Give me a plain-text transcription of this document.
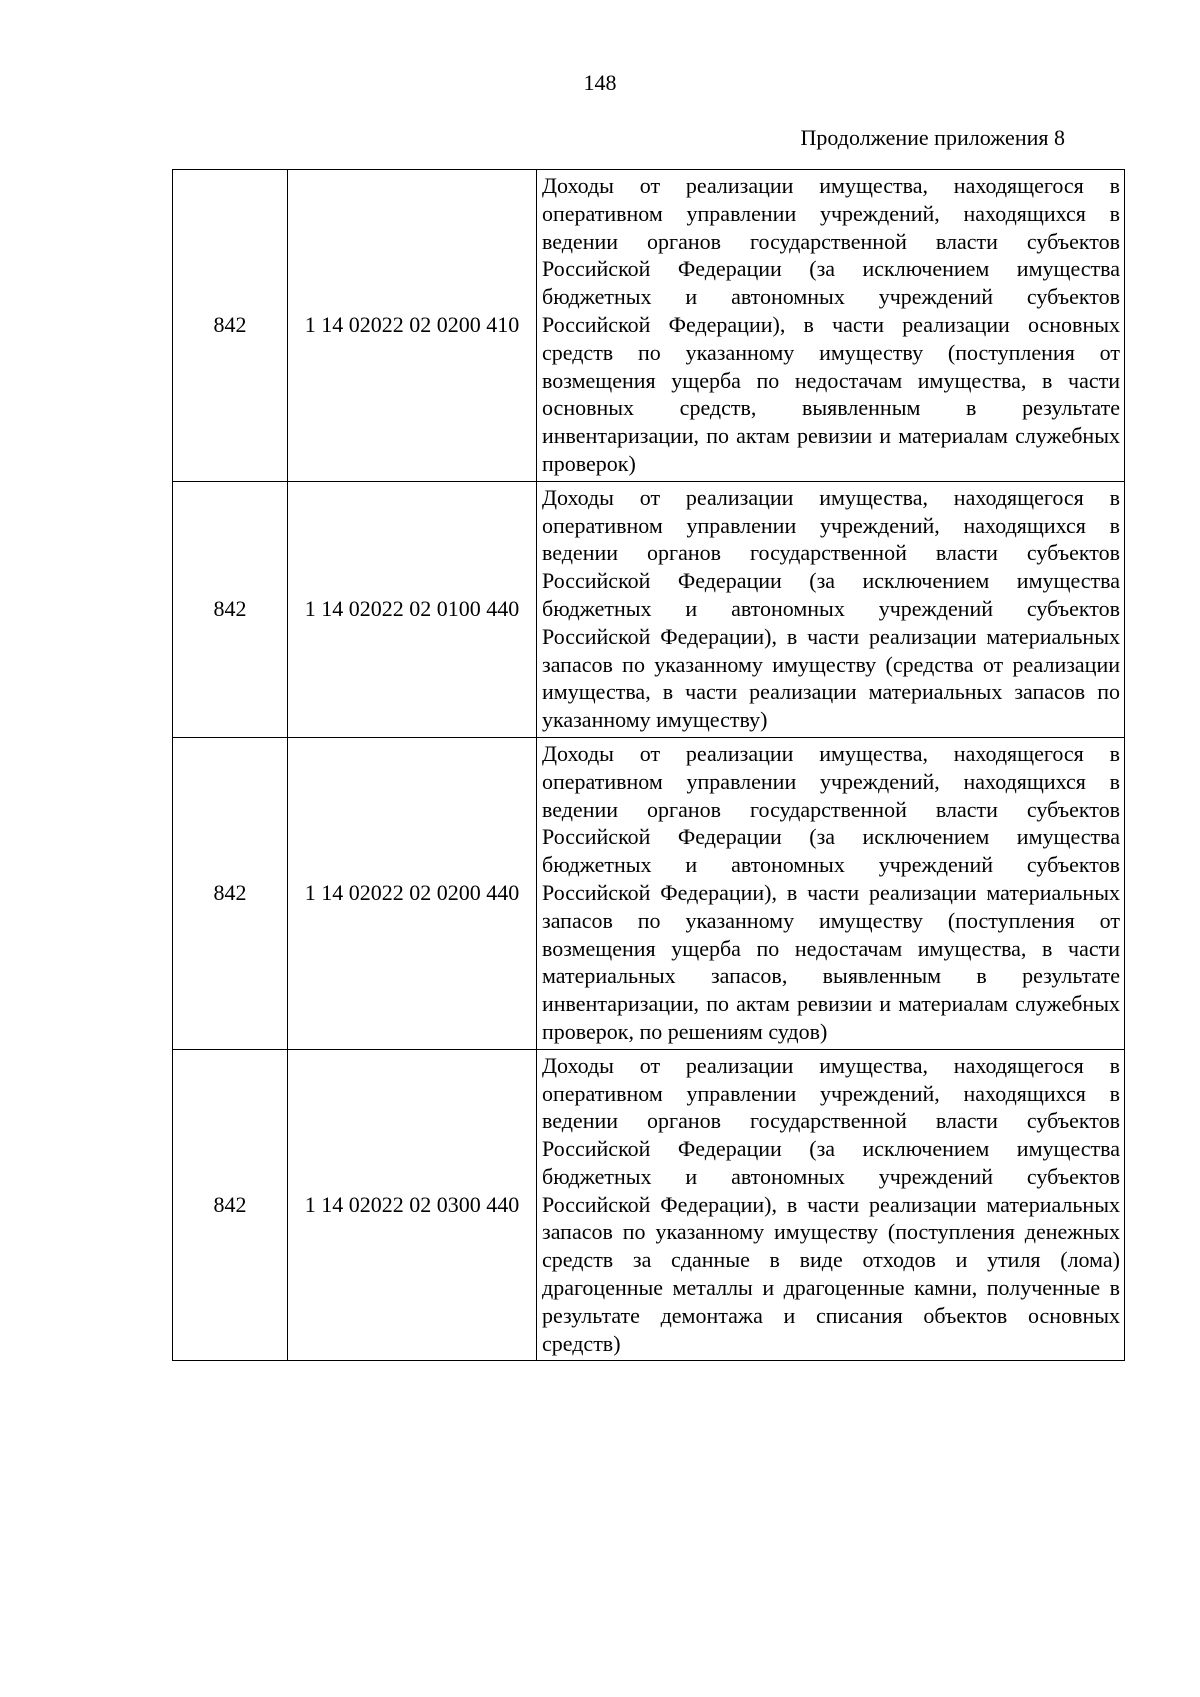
148
Продолжение приложения 8
842	1 14 02022 02 0200 410	Доходы от реализации имущества, находящегося в оперативном управлении учреждений, находящихся в ведении органов государственной власти субъектов Российской Федерации (за исключением имущества бюджетных и автономных учреждений субъектов Российской Федерации), в части реализации основных средств по указанному имуществу (поступления от возмещения ущерба по недостачам имущества, в части основных средств, выявленным в результате инвентаризации, по актам ревизии и материалам служебных проверок)
842	1 14 02022 02 0100 440	Доходы от реализации имущества, находящегося в оперативном управлении учреждений, находящихся в ведении органов государственной власти субъектов Российской Федерации (за исключением имущества бюджетных и автономных учреждений субъектов Российской Федерации), в части реализации материальных запасов по указанному имуществу (средства от реализации имущества, в части реализации материальных запасов по указанному имуществу)
842	1 14 02022 02 0200 440	Доходы от реализации имущества, находящегося в оперативном управлении учреждений, находящихся в ведении органов государственной власти субъектов Российской Федерации (за исключением имущества бюджетных и автономных учреждений субъектов Российской Федерации), в части реализации материальных запасов по указанному имуществу (поступления от возмещения ущерба по недостачам имущества, в части материальных запасов, выявленным в результате инвентаризации, по актам ревизии и материалам служебных проверок, по решениям судов)
842	1 14 02022 02 0300 440	Доходы от реализации имущества, находящегося в оперативном управлении учреждений, находящихся в ведении органов государственной власти субъектов Российской Федерации (за исключением имущества бюджетных и автономных учреждений субъектов Российской Федерации), в части реализации материальных запасов по указанному имуществу (поступления денежных средств за сданные в виде отходов и утиля (лома) драгоценные металлы и драгоценные камни, полученные в результате демонтажа и списания объектов основных средств)
